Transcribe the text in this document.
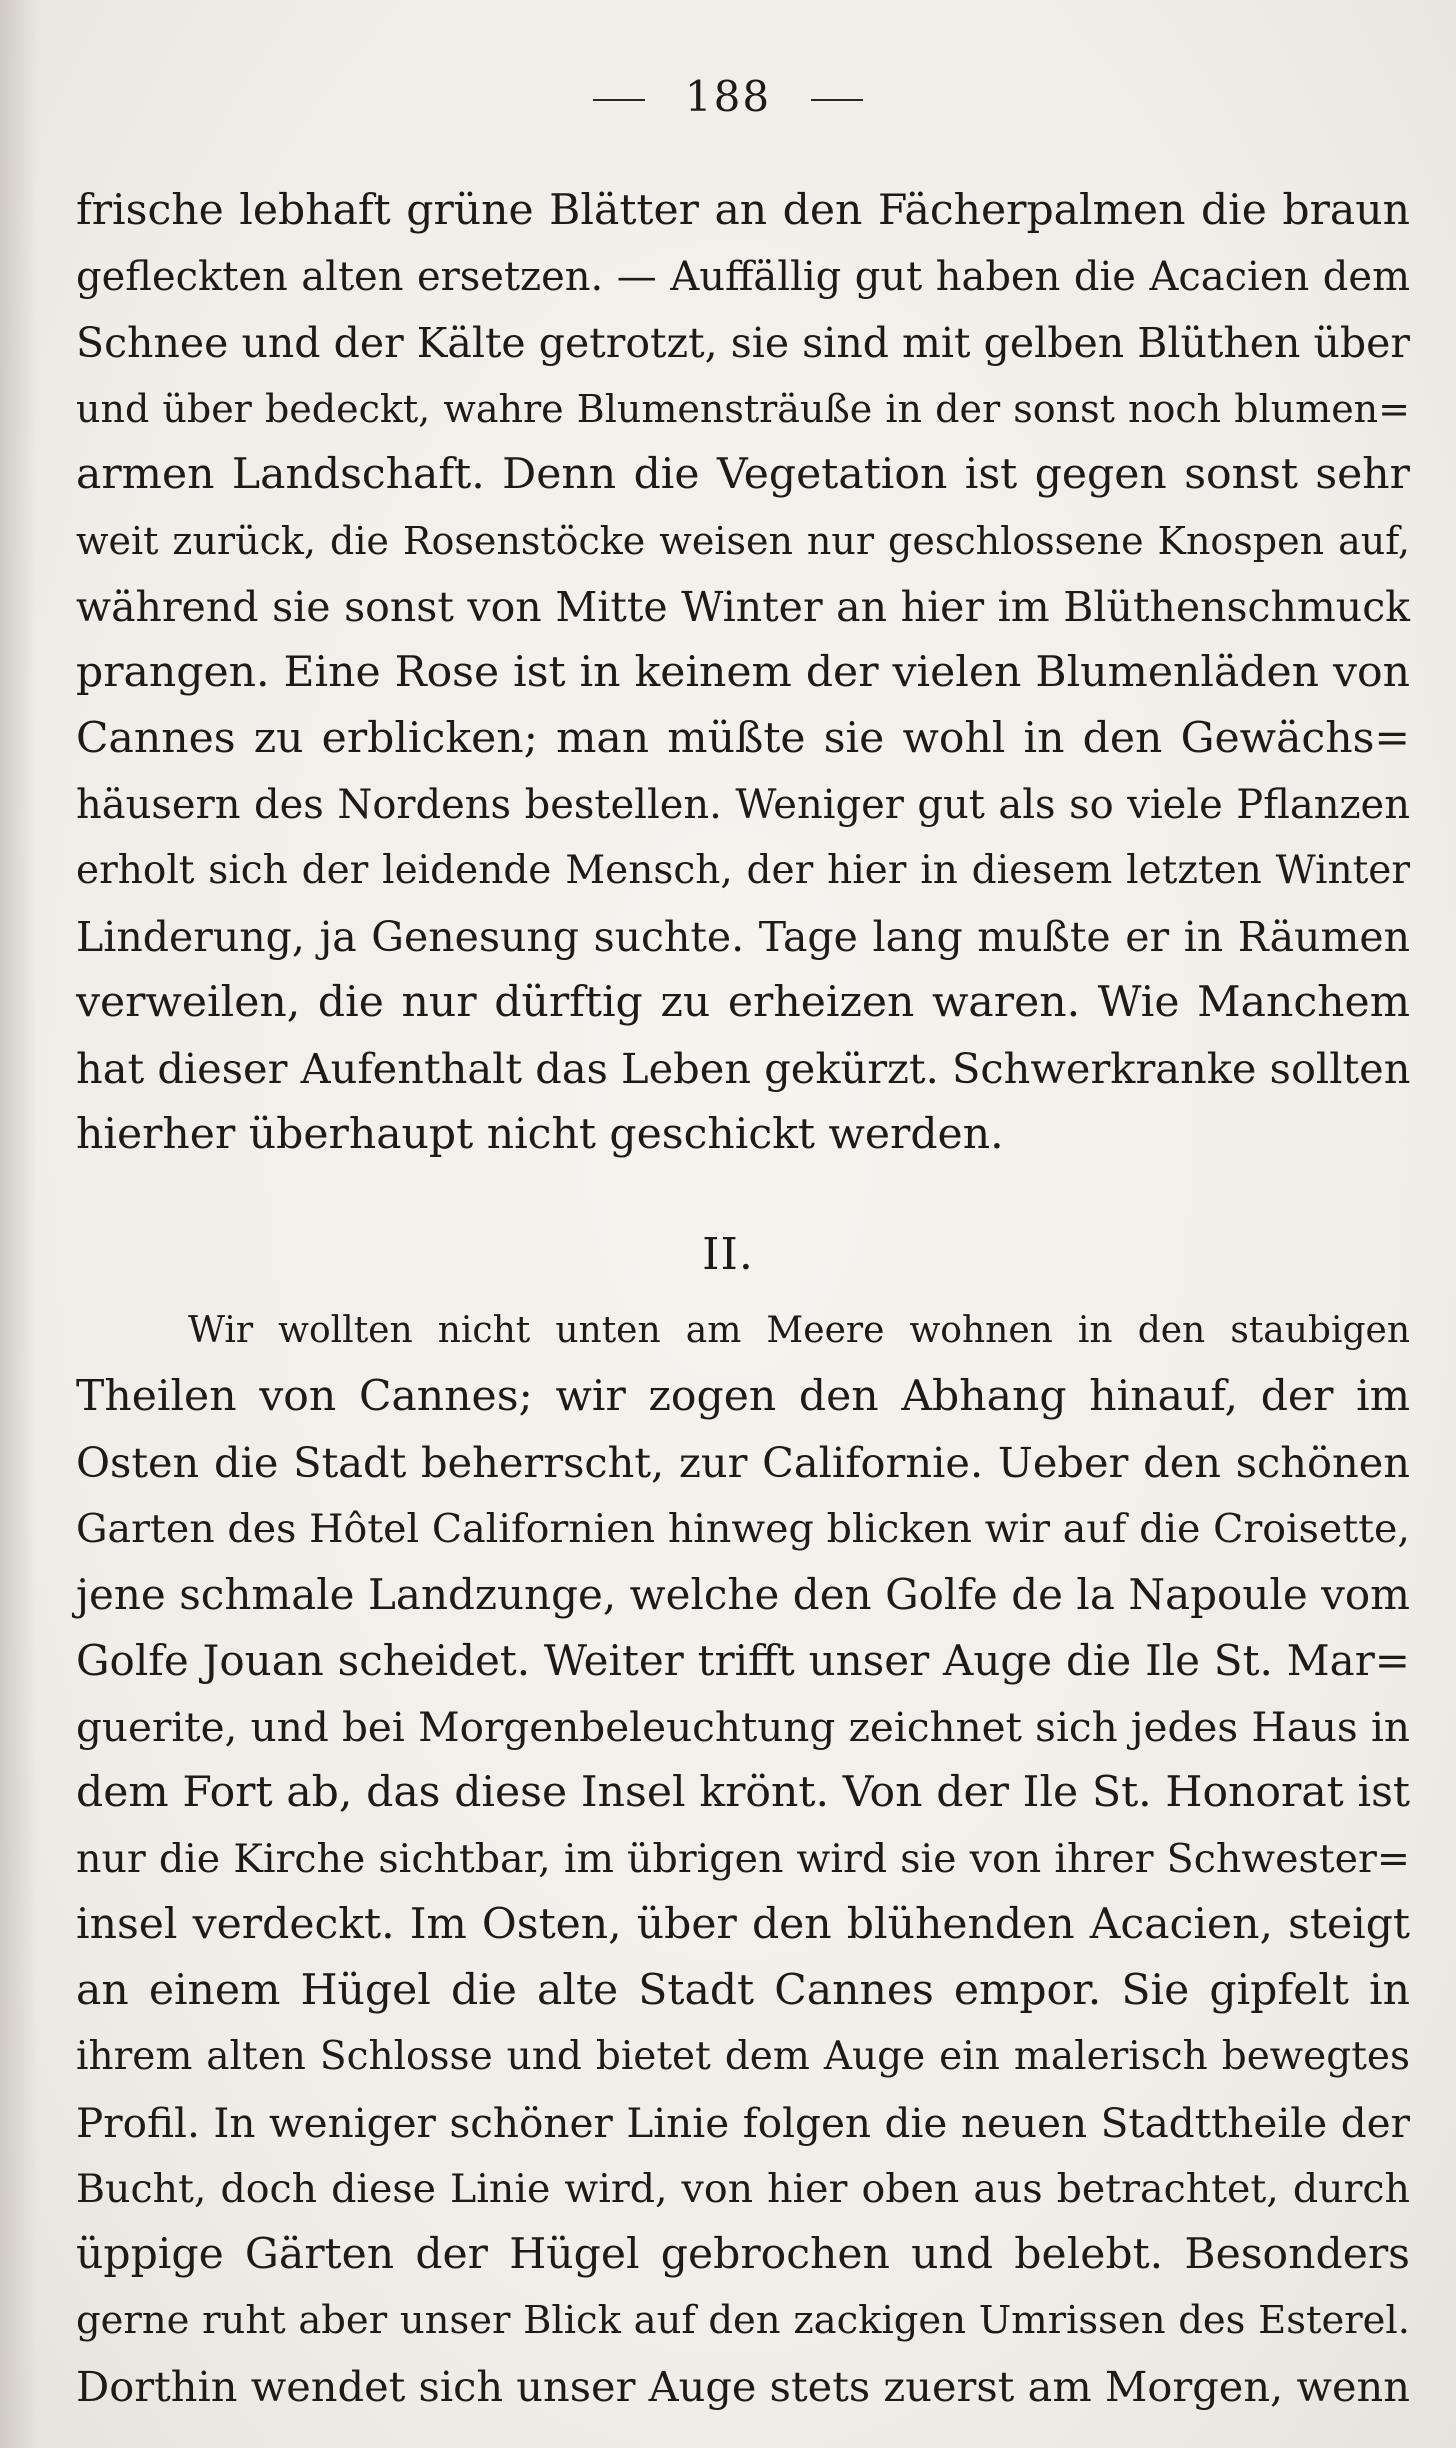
188
frische lebhaft grüne Blätter an den Fächerpalmen die braun
gefleckten alten ersetzen. — Auffällig gut haben die Acacien dem
Schnee und der Kälte getrotzt, sie sind mit gelben Blüthen über
und über bedeckt, wahre Blumensträuße in der sonst noch blumen=
armen Landschaft. Denn die Vegetation ist gegen sonst sehr
weit zurück, die Rosenstöcke weisen nur geschlossene Knospen auf,
während sie sonst von Mitte Winter an hier im Blüthenschmuck
prangen. Eine Rose ist in keinem der vielen Blumenläden von
Cannes zu erblicken; man müßte sie wohl in den Gewächs=
häusern des Nordens bestellen. Weniger gut als so viele Pflanzen
erholt sich der leidende Mensch, der hier in diesem letzten Winter
Linderung, ja Genesung suchte. Tage lang mußte er in Räumen
verweilen, die nur dürftig zu erheizen waren. Wie Manchem
hat dieser Aufenthalt das Leben gekürzt. Schwerkranke sollten
hierher überhaupt nicht geschickt werden.
II.
Wir wollten nicht unten am Meere wohnen in den staubigen
Theilen von Cannes; wir zogen den Abhang hinauf, der im
Osten die Stadt beherrscht, zur Californie. Ueber den schönen
Garten des Hôtel Californien hinweg blicken wir auf die Croisette,
jene schmale Landzunge, welche den Golfe de la Napoule vom
Golfe Jouan scheidet. Weiter trifft unser Auge die Ile St. Mar=
guerite, und bei Morgenbeleuchtung zeichnet sich jedes Haus in
dem Fort ab, das diese Insel krönt. Von der Ile St. Honorat ist
nur die Kirche sichtbar, im übrigen wird sie von ihrer Schwester=
insel verdeckt. Im Osten, über den blühenden Acacien, steigt
an einem Hügel die alte Stadt Cannes empor. Sie gipfelt in
ihrem alten Schlosse und bietet dem Auge ein malerisch bewegtes
Profil. In weniger schöner Linie folgen die neuen Stadttheile der
Bucht, doch diese Linie wird, von hier oben aus betrachtet, durch
üppige Gärten der Hügel gebrochen und belebt. Besonders
gerne ruht aber unser Blick auf den zackigen Umrissen des Esterel.
Dorthin wendet sich unser Auge stets zuerst am Morgen, wenn
